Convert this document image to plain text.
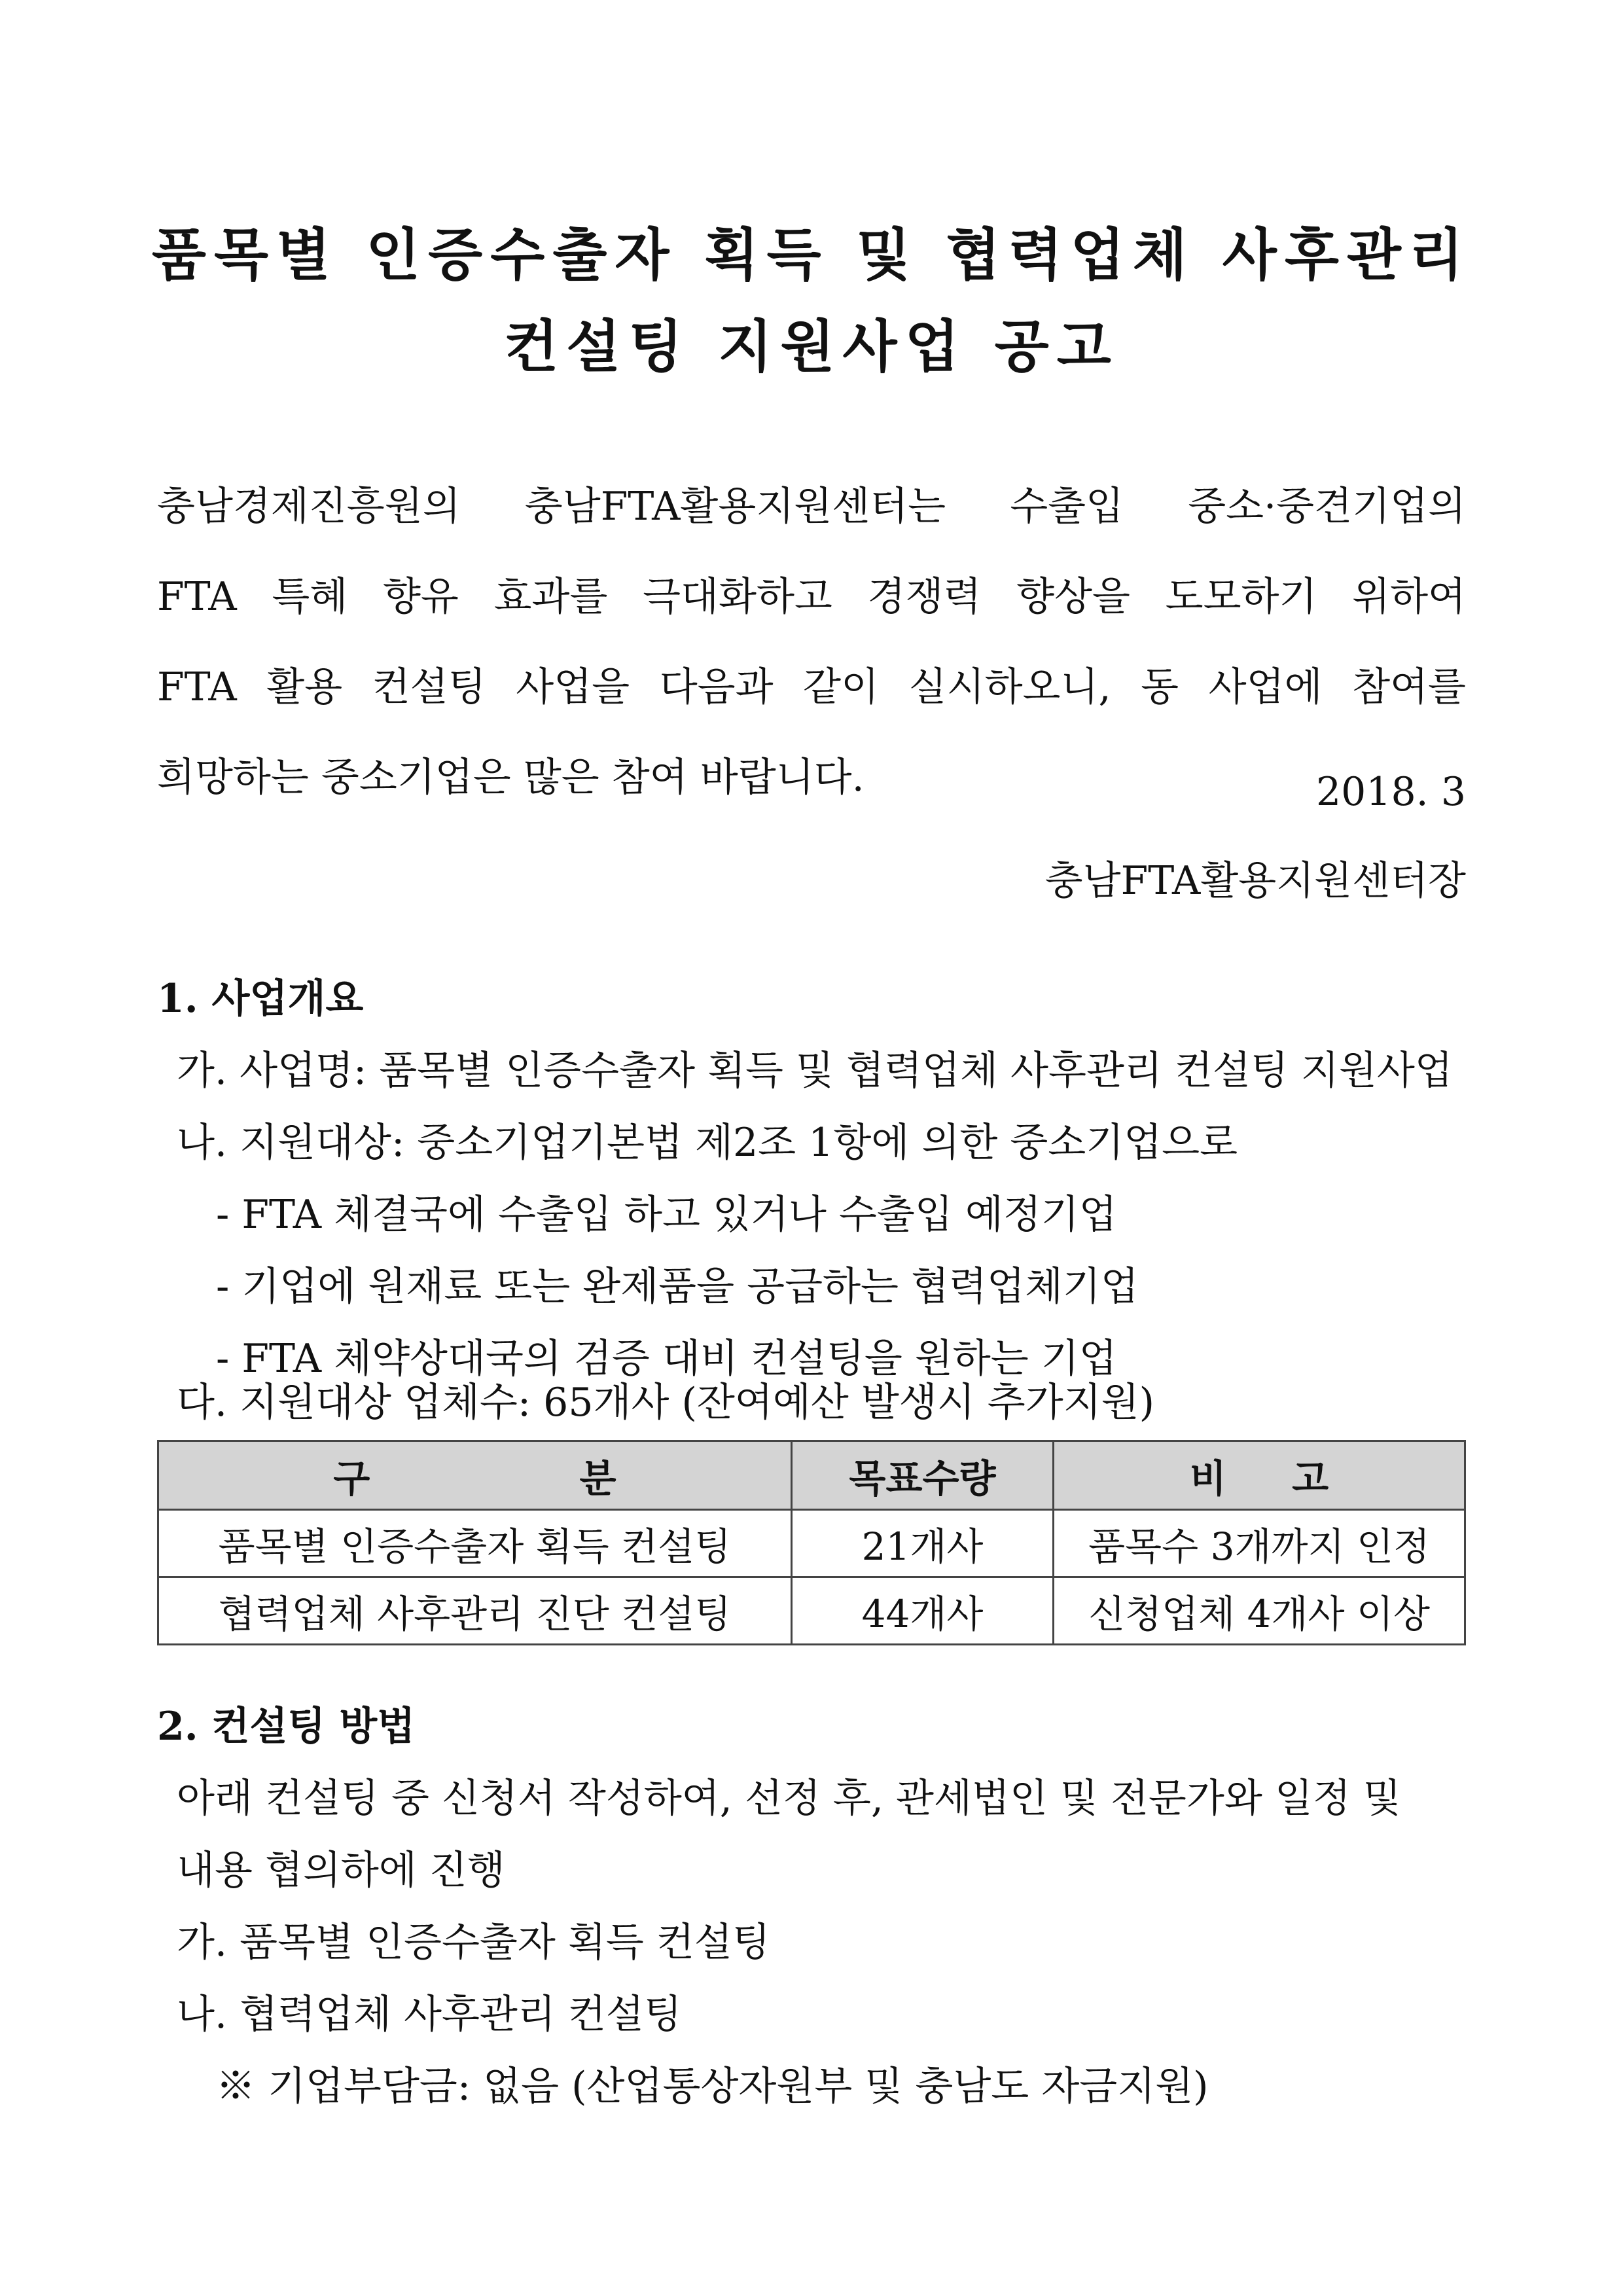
품목별 인증수출자 획득 및 협력업체 사후관리
컨설팅 지원사업 공고
충남경제진흥원의 충남FTA활용지원센터는 수출입 중소·중견기업의
FTA 특혜 향유 효과를 극대화하고 경쟁력 향상을 도모하기 위하여
FTA 활용 컨설팅 사업을 다음과 같이 실시하오니, 동 사업에 참여를
희망하는 중소기업은 많은 참여 바랍니다.	2018. 3
충남FTA활용지원센터장
1. 사업개요
가. 사업명: 품목별 인증수출자 획득 및 협력업체 사후관리 컨설팅 지원사업
나. 지원대상: 중소기업기본법 제2조 1항에 의한 중소기업으로
- FTA 체결국에 수출입 하고 있거나 수출입 예정기업
- 기업에 원재료 또는 완제품을 공급하는 협력업체기업
- FTA 체약상대국의 검증 대비 컨설팅을 원하는 기업
다. 지원대상 업체수: 65개사 (잔여예산 발생시 추가지원)
구 분	목표수량	비 고
품목별 인증수출자 획득 컨설팅	21개사	품목수 3개까지 인정
협력업체 사후관리 진단 컨설팅	44개사	신청업체 4개사 이상
2. 컨설팅 방법
아래 컨설팅 중 신청서 작성하여, 선정 후, 관세법인 및 전문가와 일정 및
내용 협의하에 진행
가. 품목별 인증수출자 획득 컨설팅
나. 협력업체 사후관리 컨설팅
※ 기업부담금: 없음 (산업통상자원부 및 충남도 자금지원)
